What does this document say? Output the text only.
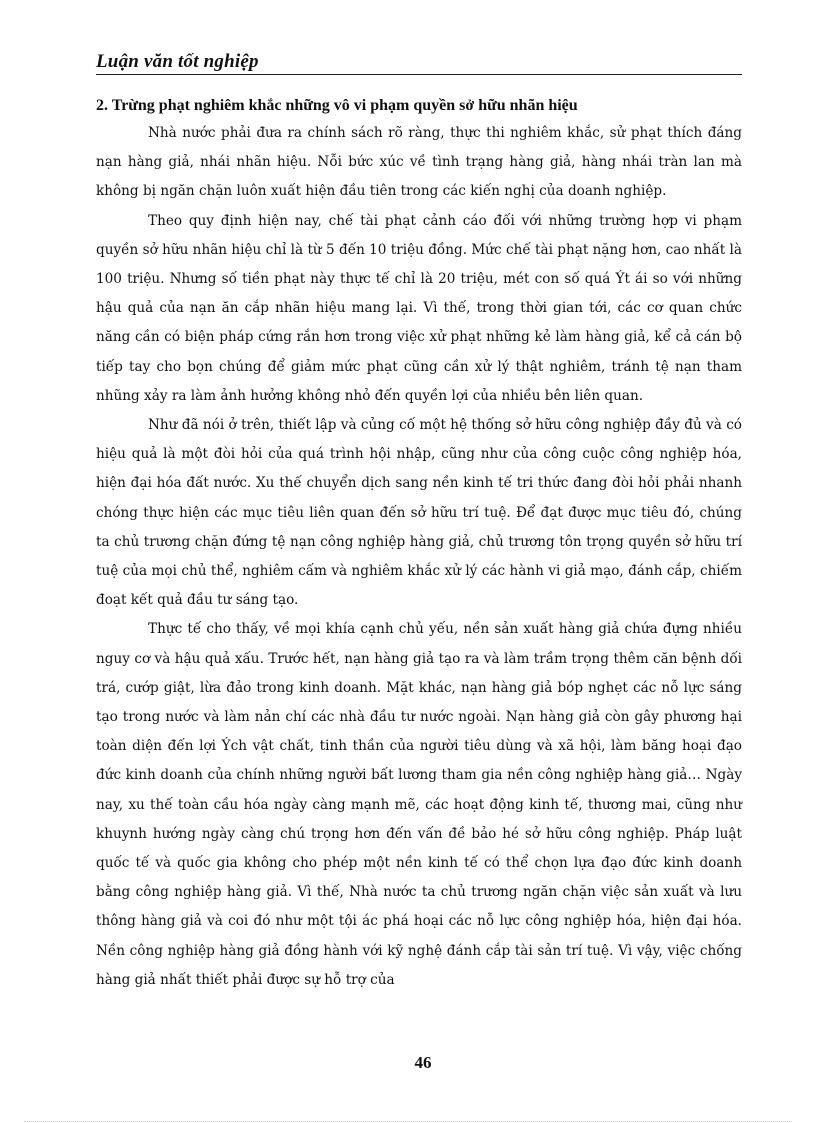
Luận văn tốt nghiệp

2. Trừng phạt nghiêm khắc những vô vi phạm quyền sở hữu nhãn hiệu

Nhà nước phải đưa ra chính sách rõ ràng, thực thi nghiêm khắc, sử phạt thích đáng nạn hàng giả, nhái nhãn hiệu. Nỗi bức xúc về tình trạng hàng giả, hàng nhái tràn lan mà không bị ngăn chặn luôn xuất hiện đầu tiên trong các kiến nghị của doanh nghiệp.

Theo quy định hiện nay, chế tài phạt cảnh cáo đối với những trường hợp vi phạm quyền sở hữu nhãn hiệu chỉ là từ 5 đến 10 triệu đồng. Mức chế tài phạt nặng hơn, cao nhất là 100 triệu. Nhưng số tiền phạt này thực tế chỉ là 20 triệu, mét con số quá Ýt ái so với những hậu quả của nạn ăn cắp nhãn hiệu mang lại. Vì thế, trong thời gian tới, các cơ quan chức năng cần có biện pháp cứng rắn hơn trong việc xử phạt những kẻ làm hàng giả, kể cả cán bộ tiếp tay cho bọn chúng để giảm mức phạt cũng cần xử lý thật nghiêm, tránh tệ nạn tham nhũng xảy ra làm ảnh hưởng không nhỏ đến quyền lợi của nhiều bên liên quan.

Như đã nói ở trên, thiết lập và củng cố một hệ thống sở hữu công nghiệp đầy đủ và có hiệu quả là một đòi hỏi của quá trình hội nhập, cũng như của công cuộc công nghiệp hóa, hiện đại hóa đất nước. Xu thế chuyển dịch sang nền kinh tế tri thức đang đòi hỏi phải nhanh chóng thực hiện các mục tiêu liên quan đến sở hữu trí tuệ. Để đạt được mục tiêu đó, chúng ta chủ trương chặn đứng tệ nạn công nghiệp hàng giả, chủ trương tôn trọng quyền sở hữu trí tuệ của mọi chủ thể, nghiêm cấm và nghiêm khắc xử lý các hành vi giả mạo, đánh cắp, chiếm đoạt kết quả đầu tư sáng tạo.

Thực tế cho thấy, về mọi khía cạnh chủ yếu, nền sản xuất hàng giả chứa đựng nhiều nguy cơ và hậu quả xấu. Trước hết, nạn hàng giả tạo ra và làm trầm trọng thêm căn bệnh dối trá, cướp giật, lừa đảo trong kinh doanh. Mặt khác, nạn hàng giả bóp nghẹt các nỗ lực sáng tạo trong nước và làm nản chí các nhà đầu tư nước ngoài. Nạn hàng giả còn gây phương hại toàn diện đến lợi Ých vật chất, tinh thần của người tiêu dùng và xã hội, làm băng hoại đạo đức kinh doanh của chính những người bất lương tham gia nền công nghiệp hàng giả… Ngày nay, xu thế toàn cầu hóa ngày càng mạnh mẽ, các hoạt động kinh tế, thương mai, cũng như khuynh hướng ngày càng chú trọng hơn đến vấn đề bảo hé sở hữu công nghiệp. Pháp luật quốc tế và quốc gia không cho phép một nền kinh tế có thể chọn lựa đạo đức kinh doanh bằng công nghiệp hàng giả. Vì thế, Nhà nước ta chủ trương ngăn chặn việc sản xuất và lưu thông hàng giả và coi đó như một tội ác phá hoại các nỗ lực công nghiệp hóa, hiện đại hóa. Nền công nghiệp hàng giả đồng hành với kỹ nghệ đánh cắp tài sản trí tuệ. Vì vậy, việc chống hàng giả nhất thiết phải được sự hỗ trợ của

46
